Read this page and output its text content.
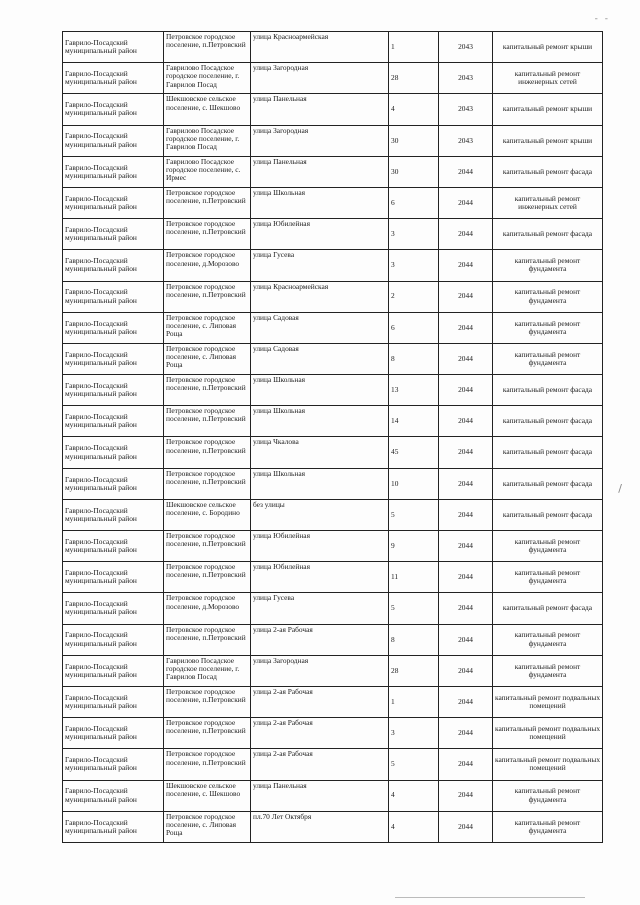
- -
/
Гаврило-Посадский муниципальный район	Петровское городское поселение, п.Петровский	улица Красноармейская	1	2043	капитальный ремонт крыши
Гаврило-Посадский муниципальный район	Гаврилово Посадское городское поселение, г. Гаврилов Посад	улица Загородная	28	2043	капитальный ремонт инженерных сетей
Гаврило-Посадский муниципальный район	Шекшовское сельское поселение, с. Шекшово	улица Панельная	4	2043	капитальный ремонт крыши
Гаврило-Посадский муниципальный район	Гаврилово Посадское городское поселение, г. Гаврилов Посад	улица Загородная	30	2043	капитальный ремонт крыши
Гаврило-Посадский муниципальный район	Гаврилово Посадское городское поселение, с. Ирмес	улица Панельная	30	2044	капитальный ремонт фасада
Гаврило-Посадский муниципальный район	Петровское городское поселение, п.Петровский	улица Школьная	6	2044	капитальный ремонт инженерных сетей
Гаврило-Посадский муниципальный район	Петровское городское поселение, п.Петровский	улица Юбилейная	3	2044	капитальный ремонт фасада
Гаврило-Посадский муниципальный район	Петровское городское поселение, д.Морозово	улица Гусева	3	2044	капитальный ремонт фундамента
Гаврило-Посадский муниципальный район	Петровское городское поселение, п.Петровский	улица Красноармейская	2	2044	капитальный ремонт фундамента
Гаврило-Посадский муниципальный район	Петровское городское поселение, с. Липовая Роща	улица Садовая	6	2044	капитальный ремонт фундамента
Гаврило-Посадский муниципальный район	Петровское городское поселение, с. Липовая Роща	улица Садовая	8	2044	капитальный ремонт фундамента
Гаврило-Посадский муниципальный район	Петровское городское поселение, п.Петровский	улица Школьная	13	2044	капитальный ремонт фасада
Гаврило-Посадский муниципальный район	Петровское городское поселение, п.Петровский	улица Школьная	14	2044	капитальный ремонт фасада
Гаврило-Посадский муниципальный район	Петровское городское поселение, п.Петровский	улица Чкалова	45	2044	капитальный ремонт фасада
Гаврило-Посадский муниципальный район	Петровское городское поселение, п.Петровский	улица Школьная	10	2044	капитальный ремонт фасада
Гаврило-Посадский муниципальный район	Шекшовское сельское поселение, с. Бородино	без улицы	5	2044	капитальный ремонт фасада
Гаврило-Посадский муниципальный район	Петровское городское поселение, п.Петровский	улица Юбилейная	9	2044	капитальный ремонт фундамента
Гаврило-Посадский муниципальный район	Петровское городское поселение, п.Петровский	улица Юбилейная	11	2044	капитальный ремонт фундамента
Гаврило-Посадский муниципальный район	Петровское городское поселение, д.Морозово	улица Гусева	5	2044	капитальный ремонт фасада
Гаврило-Посадский муниципальный район	Петровское городское поселение, п.Петровский	улица 2-ая Рабочая	8	2044	капитальный ремонт фундамента
Гаврило-Посадский муниципальный район	Гаврилово Посадское городское поселение, г. Гаврилов Посад	улица Загородная	28	2044	капитальный ремонт фундамента
Гаврило-Посадский муниципальный район	Петровское городское поселение, п.Петровский	улица 2-ая Рабочая	1	2044	капитальный ремонт подвальных помещений
Гаврило-Посадский муниципальный район	Петровское городское поселение, п.Петровский	улица 2-ая Рабочая	3	2044	капитальный ремонт подвальных помещений
Гаврило-Посадский муниципальный район	Петровское городское поселение, п.Петровский	улица 2-ая Рабочая	5	2044	капитальный ремонт подвальных помещений
Гаврило-Посадский муниципальный район	Шекшовское сельское поселение, с. Шекшово	улица Панельная	4	2044	капитальный ремонт фундамента
Гаврило-Посадский муниципальный район	Петровское городское поселение, с. Липовая Роща	пл.70 Лет Октября	4	2044	капитальный ремонт фундамента
